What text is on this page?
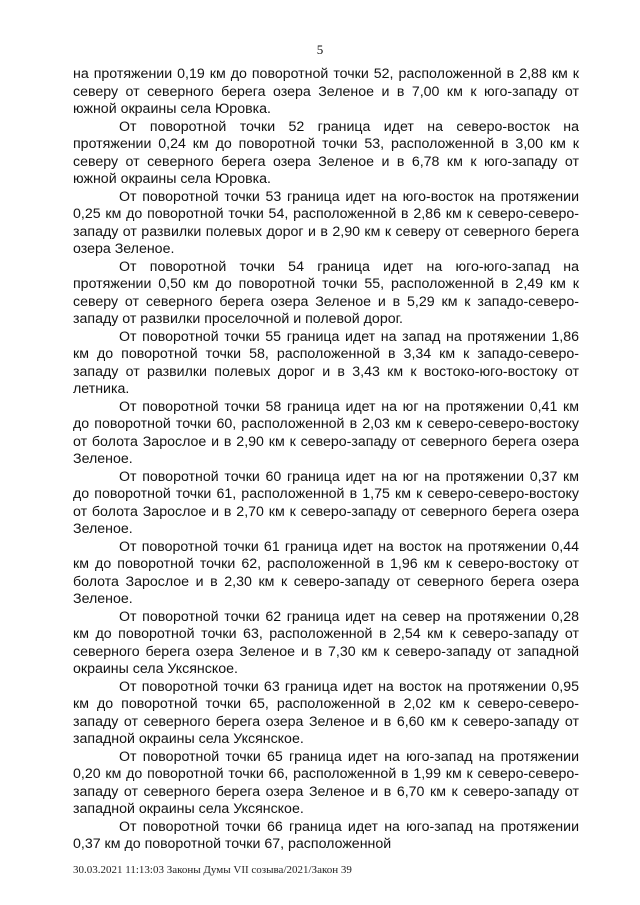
5

на протяжении 0,19 км до поворотной точки 52, расположенной в 2,88 км к северу от северного берега озера Зеленое и в 7,00 км к юго-западу от южной окраины села Юровка.

От поворотной точки 52 граница идет на северо-восток на протяжении 0,24 км до поворотной точки 53, расположенной в 3,00 км к северу от северного берега озера Зеленое и в 6,78 км к юго-западу от южной окраины села Юровка.

От поворотной точки 53 граница идет на юго-восток на протяжении 0,25 км до поворотной точки 54, расположенной в 2,86 км к северо-северо-западу от развилки полевых дорог и в 2,90 км к северу от северного берега озера Зеленое.

От поворотной точки 54 граница идет на юго-юго-запад на протяжении 0,50 км до поворотной точки 55, расположенной в 2,49 км к северу от северного берега озера Зеленое и в 5,29 км к западо-северо-западу от развилки проселочной и полевой дорог.

От поворотной точки 55 граница идет на запад на протяжении 1,86 км до поворотной точки 58, расположенной в 3,34 км к западо-северо-западу от развилки полевых дорог и в 3,43 км к востоко-юго-востоку от летника.

От поворотной точки 58 граница идет на юг на протяжении 0,41 км до поворотной точки 60, расположенной в 2,03 км к северо-северо-востоку от болота Заросло​е и в 2,90 км к северо-западу от северного берега озера Зеленое.

От поворотной точки 60 граница идет на юг на протяжении 0,37 км до поворотной точки 61, расположенной в 1,75 км к северо-северо-востоку от болота Зарослое и в 2,70 км к северо-западу от северного берега озера Зеленое.

От поворотной точки 61 граница идет на восток на протяжении 0,44 км до поворотной точки 62, расположенной в 1,96 км к северо-востоку от болота Зарослое и в 2,30 км к северо-западу от северного берега озера Зеленое.

От поворотной точки 62 граница идет на север на протяжении 0,28 км до поворотной точки 63, расположенной в 2,54 км к северо-западу от северного берега озера Зеленое и в 7,30 км к северо-западу от западной окраины села Уксянское.

От поворотной точки 63 граница идет на восток на протяжении 0,95 км до поворотной точки 65, расположенной в 2,02 км к северо-северо-западу от северного берега озера Зеленое и в 6,60 км к северо-западу от западной окраины села Уксянское.

От поворотной точки 65 граница идет на юго-запад на протяжении 0,20 км до поворотной точки 66, расположенной в 1,99 км к северо-северо-западу от северного берега озера Зеленое и в 6,70 км к северо-западу от западной окраины села Уксянское.

От поворотной точки 66 граница идет на юго-запад на протяжении 0,37 км до поворотной точки 67, расположенной

30.03.2021 11:13:03 Законы Думы VII созыва/2021/Закон 39
